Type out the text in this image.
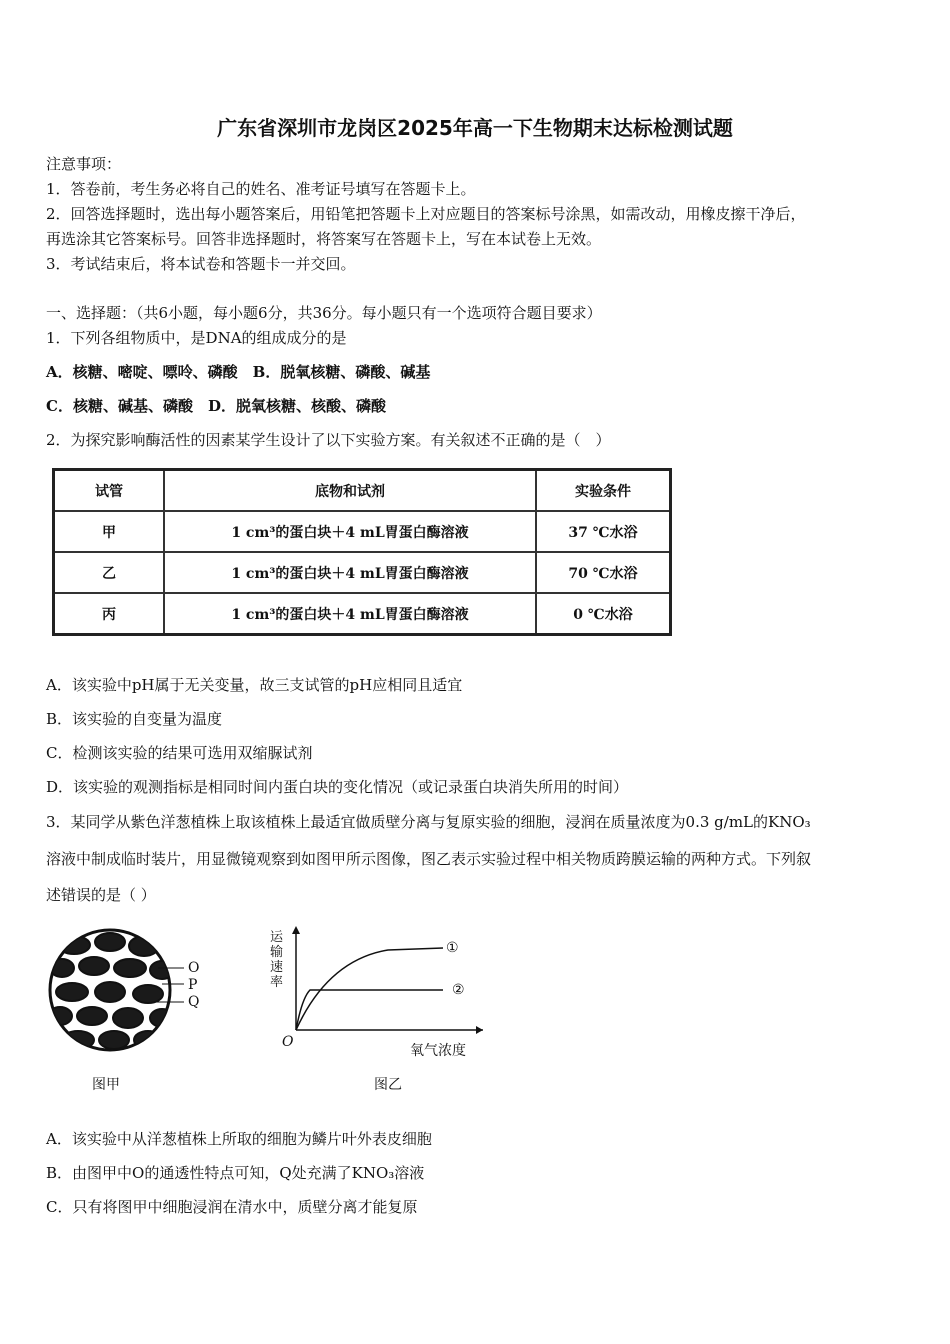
广东省深圳市龙岗区2025年高一下生物期末达标检测试题
注意事项：
1．答卷前，考生务必将自己的姓名、准考证号填写在答题卡上。
2．回答选择题时，选出每小题答案后，用铅笔把答题卡上对应题目的答案标号涂黑，如需改动，用橡皮擦干净后，
再选涂其它答案标号。回答非选择题时，将答案写在答题卡上，写在本试卷上无效。
3．考试结束后，将本试卷和答题卡一并交回。
一、选择题：（共6小题，每小题6分，共36分。每小题只有一个选项符合题目要求）
1．下列各组物质中，是DNA的组成成分的是
A．核糖、嘧啶、嘌呤、磷酸　B．脱氧核糖、磷酸、碱基
C．核糖、碱基、磷酸　D．脱氧核糖、核酸、磷酸
2．为探究影响酶活性的因素某学生设计了以下实验方案。有关叙述不正确的是（　）
试管	底物和试剂	实验条件
甲	1 cm³的蛋白块＋4 mL胃蛋白酶溶液	37 ℃水浴
乙	1 cm³的蛋白块＋4 mL胃蛋白酶溶液	70 ℃水浴
丙	1 cm³的蛋白块＋4 mL胃蛋白酶溶液	0 ℃水浴
A．该实验中pH属于无关变量，故三支试管的pH应相同且适宜
B．该实验的自变量为温度
C．检测该实验的结果可选用双缩脲试剂
D．该实验的观测指标是相同时间内蛋白块的变化情况（或记录蛋白块消失所用的时间）
3．某同学从紫色洋葱植株上取该植株上最适宜做质壁分离与复原实验的细胞，浸润在质量浓度为0.3 g/mL的KNO₃
溶液中制成临时装片，用显微镜观察到如图甲所示图像，图乙表示实验过程中相关物质跨膜运输的两种方式。下列叙
述错误的是（ ）
O
P
Q
图甲
运输速率
O
氧气浓度
①
②
图乙
A．该实验中从洋葱植株上所取的细胞为鳞片叶外表皮细胞
B．由图甲中O的通透性特点可知，Q处充满了KNO₃溶液
C．只有将图甲中细胞浸润在清水中，质壁分离才能复原
